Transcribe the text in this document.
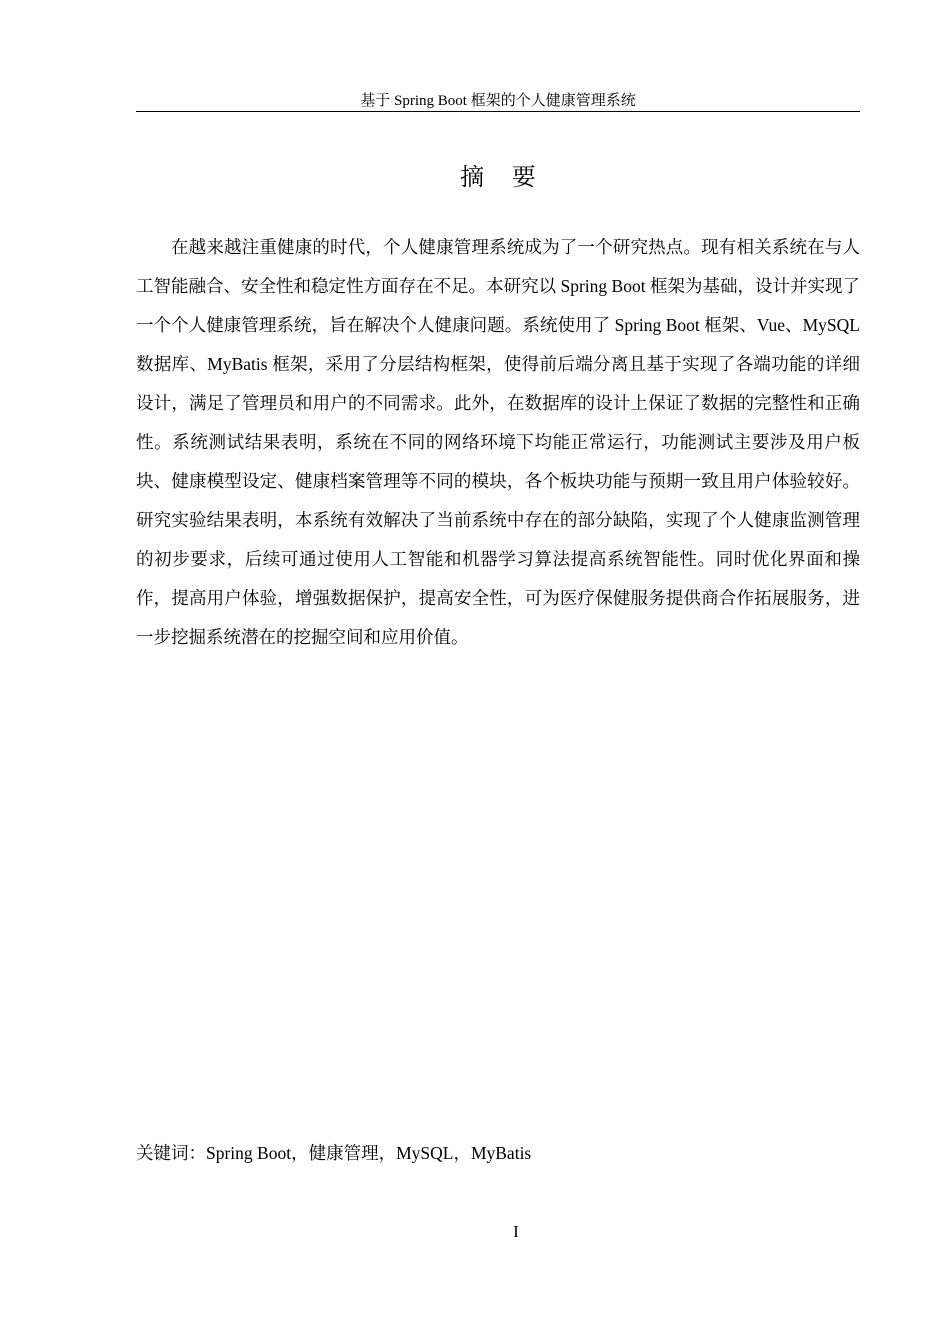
基于 Spring Boot 框架的个人健康管理系统
摘 要

在越来越注重健康的时代，个人健康管理系统成为了一个研究热点。现有相关系统在与人工智能融合、安全性和稳定性方面存在不足。本研究以 Spring Boot 框架为基础，设计并实现了一个个人健康管理系统，旨在解决个人健康问题。系统使用了 Spring Boot 框架、Vue、MySQL 数据库、MyBatis 框架，采用了分层结构框架，使得前后端分离且基于实现了各端功能的详细设计，满足了管理员和用户的不同需求。此外，在数据库的设计上保证了数据的完整性和正确性。系统测试结果表明，系统在不同的网络环境下均能正常运行，功能测试主要涉及用户板块、健康模型设定、健康档案管理等不同的模块，各个板块功能与预期一致且用户体验较好。研究实验结果表明，本系统有效解决了当前系统中存在的部分缺陷，实现了个人健康监测管理的初步要求，后续可通过使用人工智能和机器学习算法提高系统智能性。同时优化界面和操作，提高用户体验，增强数据保护，提高安全性，可为医疗保健服务提供商合作拓展服务，进一步挖掘系统潜在的挖掘空间和应用价值。

关键词：Spring Boot，健康管理，MySQL，MyBatis
I
